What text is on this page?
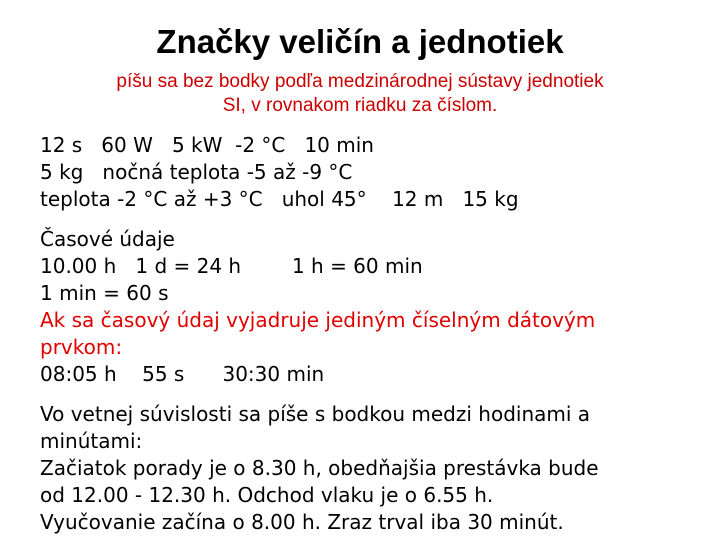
Značky veličín a jednotiek
píšu sa bez bodky podľa medzinárodnej sústavy jednotiek
SI, v rovnakom riadku za číslom.
12 s   60 W   5 kW  -2 °C   10 min
5 kg   nočná teplota -5 až -9 °C
teplota -2 °C až +3 °C   uhol 45°    12 m   15 kg
Časové údaje
10.00 h   1 d = 24 h        1 h = 60 min
1 min = 60 s
Ak sa časový údaj vyjadruje jediným číselným dátovým
prvkom:
08:05 h    55 s      30:30 min
Vo vetnej súvislosti sa píše s bodkou medzi hodinami a
minútami:
Začiatok porady je o 8.30 h, obedňajšia prestávka bude
od 12.00 - 12.30 h. Odchod vlaku je o 6.55 h.
Vyučovanie začína o 8.00 h. Zraz trval iba 30 minút.
